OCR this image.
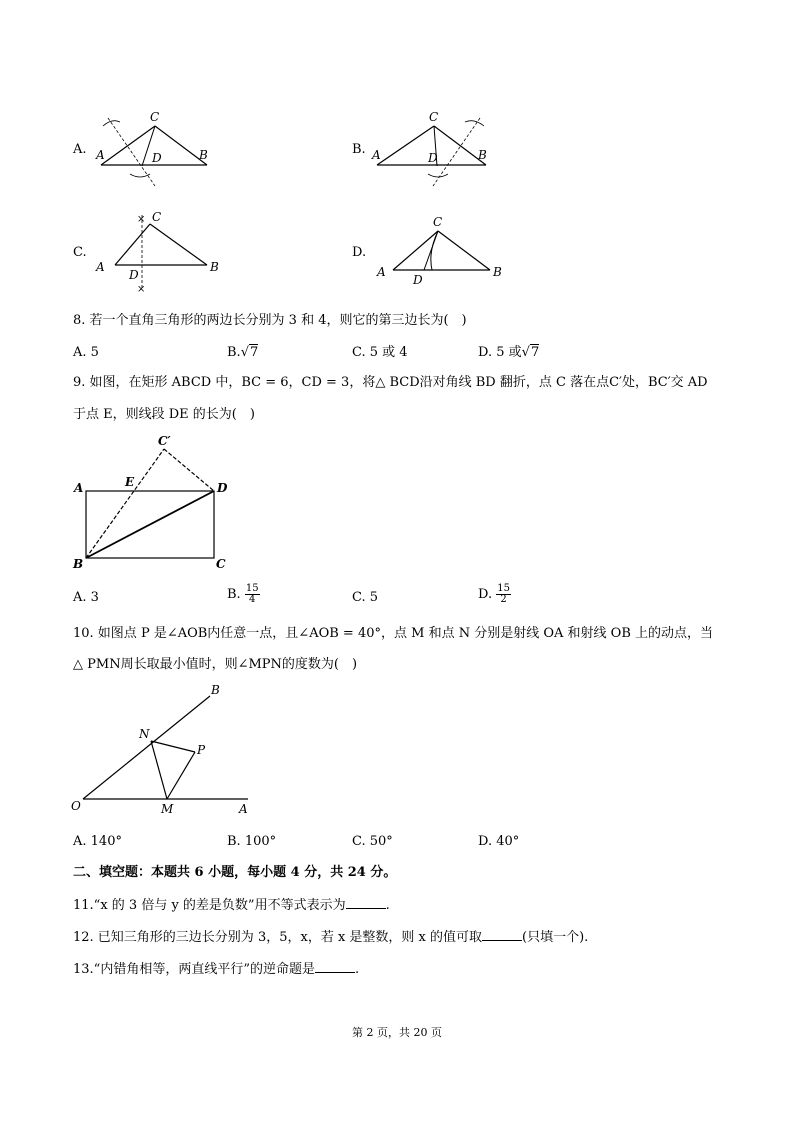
A. A
C
D	B	B. A
C
D	B
C.
A
C
D
B
×
×
D.
A
C
D
B
8. 若一个直角三角形的两边长分别为 3 和 4，则它的第三边长为(　)
A. 5	B.√7	C. 5 或 4	D. 5 或√7
9. 如图，在矩形 ABCD 中，BC = 6，CD = 3，将△ BCD沿对角线 BD 翻折，点 C 落在点C′处，BC′交 AD
于点 E，则线段 DE 的长为(　)
C′
A	E	D
B	C
A. 3	B. $\frac{15}{4}$	C. 5	D. $\frac{15}{2}$
10. 如图点 P 是∠AOB内任意一点，且∠AOB = 40°，点 M 和点 N 分别是射线 OA 和射线 OB 上的动点，当
△ PMN周长取最小值时，则∠MPN的度数为(　)
B
N
P
O	M	A
A. 140°	B. 100°	C. 50°	D. 40°
二、填空题：本题共 6 小题，每小题 4 分，共 24 分。
11.“x 的 3 倍与 y 的差是负数”用不等式表示为	.
12. 已知三角形的三边长分别为 3，5，x，若 x 是整数，则 x 的值可取	(只填一个).
13.“内错角相等，两直线平行”的逆命题是	.
第 2 页，共 20 页
